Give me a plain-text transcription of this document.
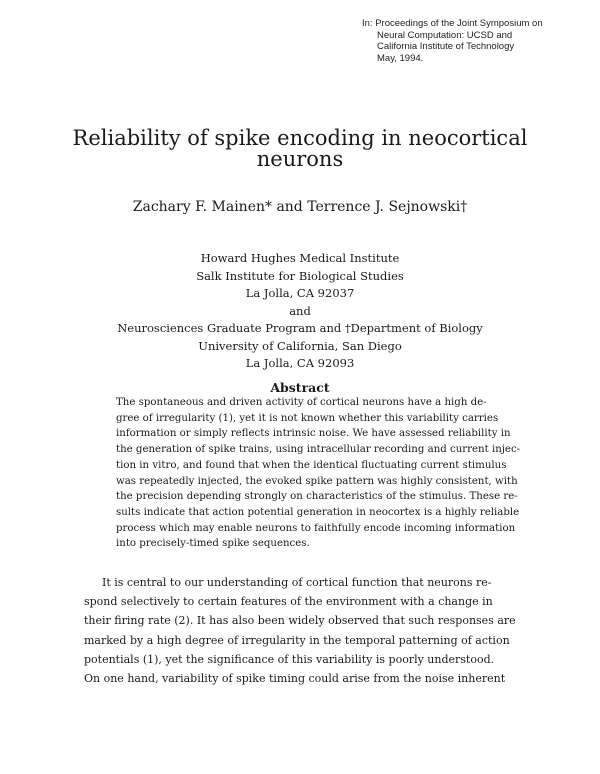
In: Proceedings of the Joint Symposium on
Neural Computation: UCSD and
California Institute of Technology
May, 1994.
Reliability of spike encoding in neocortical
neurons
Zachary F. Mainen* and Terrence J. Sejnowski†
Howard Hughes Medical Institute
Salk Institute for Biological Studies
La Jolla, CA 92037
and
Neurosciences Graduate Program and †Department of Biology
University of California, San Diego
La Jolla, CA 92093
Abstract
The spontaneous and driven activity of cortical neurons have a high de-
gree of irregularity (1), yet it is not known whether this variability carries
information or simply reflects intrinsic noise. We have assessed reliability in
the generation of spike trains, using intracellular recording and current injec-
tion in vitro, and found that when the identical fluctuating current stimulus
was repeatedly injected, the evoked spike pattern was highly consistent, with
the precision depending strongly on characteristics of the stimulus. These re-
sults indicate that action potential generation in neocortex is a highly reliable
process which may enable neurons to faithfully encode incoming information
into precisely-timed spike sequences.
It is central to our understanding of cortical function that neurons re-
spond selectively to certain features of the environment with a change in
their firing rate (2). It has also been widely observed that such responses are
marked by a high degree of irregularity in the temporal patterning of action
potentials (1), yet the significance of this variability is poorly understood.
On one hand, variability of spike timing could arise from the noise inherent
